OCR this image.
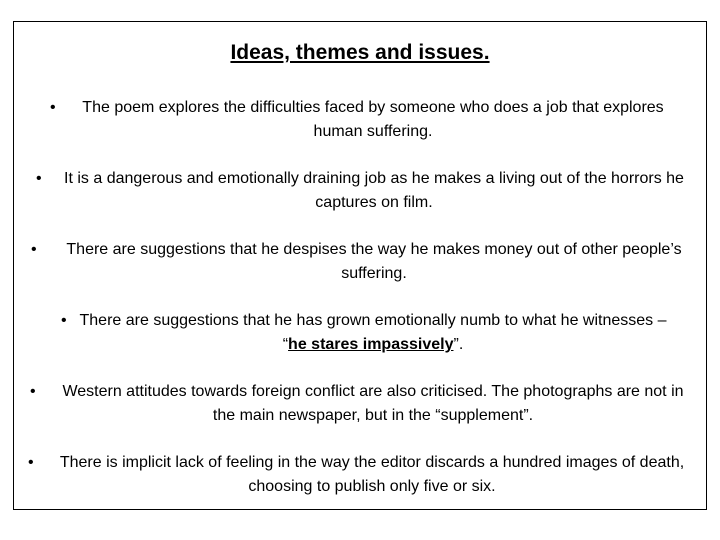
Ideas, themes and issues.
• The poem explores the difficulties faced by someone who does a job that explores human suffering.
• It is a dangerous and emotionally draining job as he makes a living out of the horrors he captures on film.
• There are suggestions that he despises the way he makes money out of other people’s suffering.
• There are suggestions that he has grown emotionally numb to what he witnesses – “he stares impassively”.
• Western attitudes towards foreign conflict are also criticised. The photographs are not in the main newspaper, but in the “supplement”.
• There is implicit lack of feeling in the way the editor discards a hundred images of death, choosing to publish only five or six.
